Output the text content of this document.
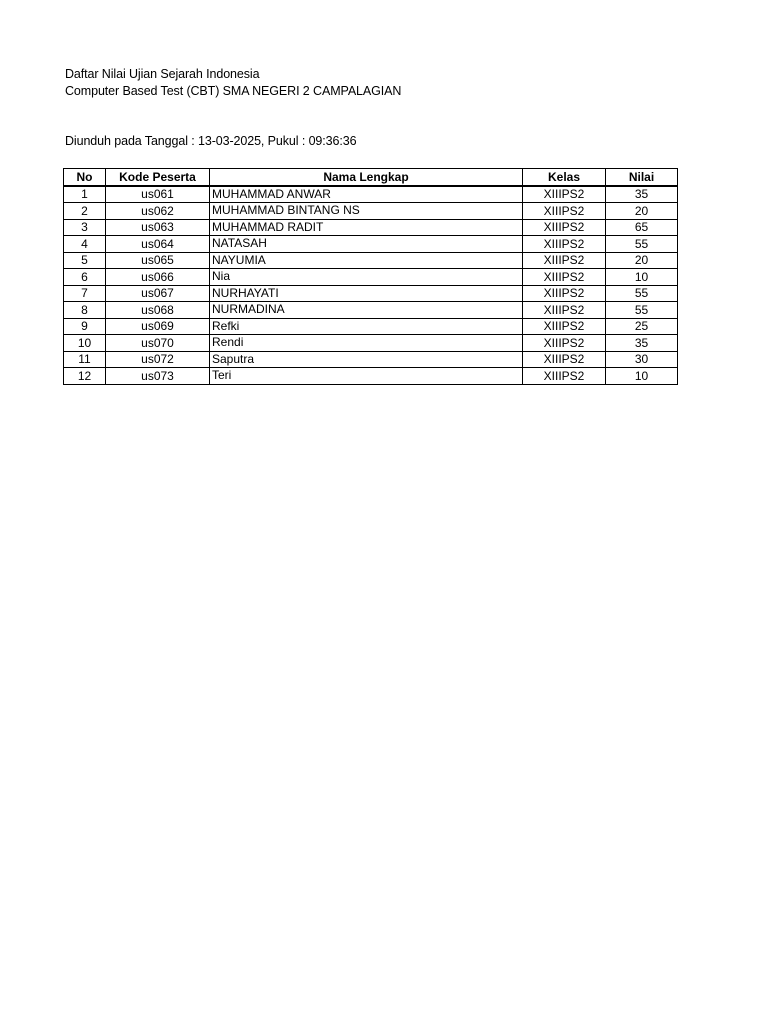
Daftar Nilai Ujian Sejarah Indonesia
Computer Based Test (CBT) SMA NEGERI 2 CAMPALAGIAN
Diunduh pada Tanggal : 13-03-2025, Pukul : 09:36:36
No	Kode Peserta	Nama Lengkap	Kelas	Nilai
1	us061	MUHAMMAD ANWAR	XIIIPS2	35
2	us062	MUHAMMAD BINTANG NS	XIIIPS2	20
3	us063	MUHAMMAD RADIT	XIIIPS2	65
4	us064	NATASAH	XIIIPS2	55
5	us065	NAYUMIA	XIIIPS2	20
6	us066	Nia	XIIIPS2	10
7	us067	NURHAYATI	XIIIPS2	55
8	us068	NURMADINA	XIIIPS2	55
9	us069	Refki	XIIIPS2	25
10	us070	Rendi	XIIIPS2	35
11	us072	Saputra	XIIIPS2	30
12	us073	Teri	XIIIPS2	10
